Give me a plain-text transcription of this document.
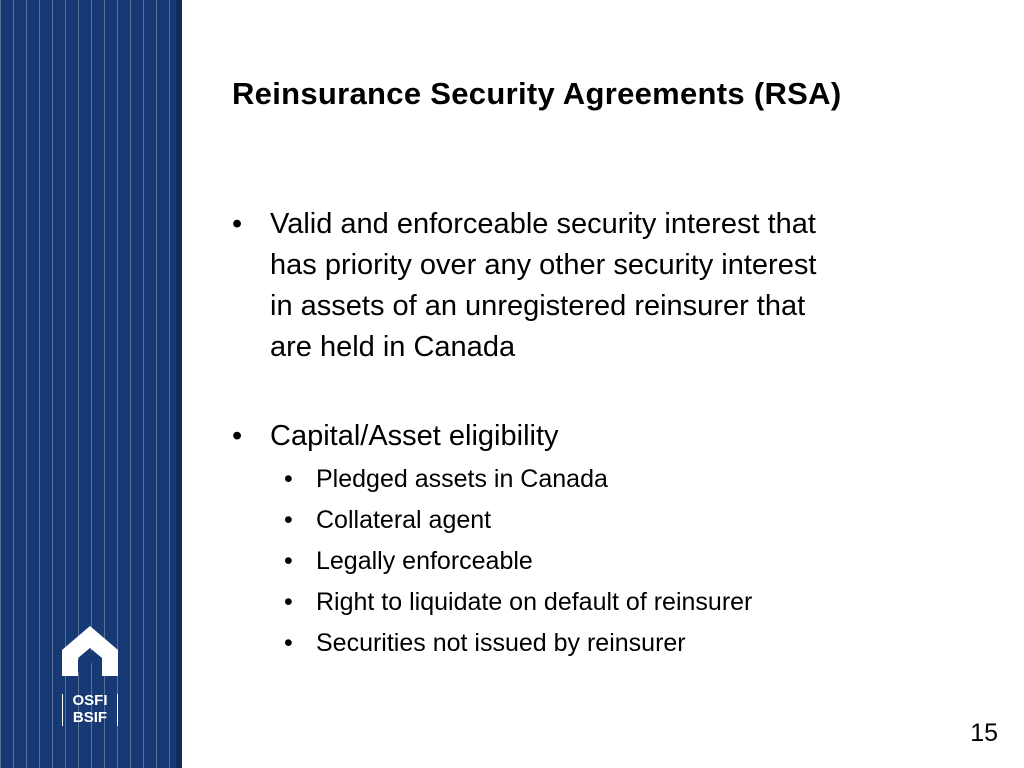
OSFI
BSIF
Reinsurance Security Agreements (RSA)
• Valid and enforceable security interest that
has priority over any other security interest
in assets of an unregistered reinsurer that
are held in Canada
• Capital/Asset eligibility
• Pledged assets in Canada
• Collateral agent
• Legally enforceable
• Right to liquidate on default of reinsurer
• Securities not issued by reinsurer
15
